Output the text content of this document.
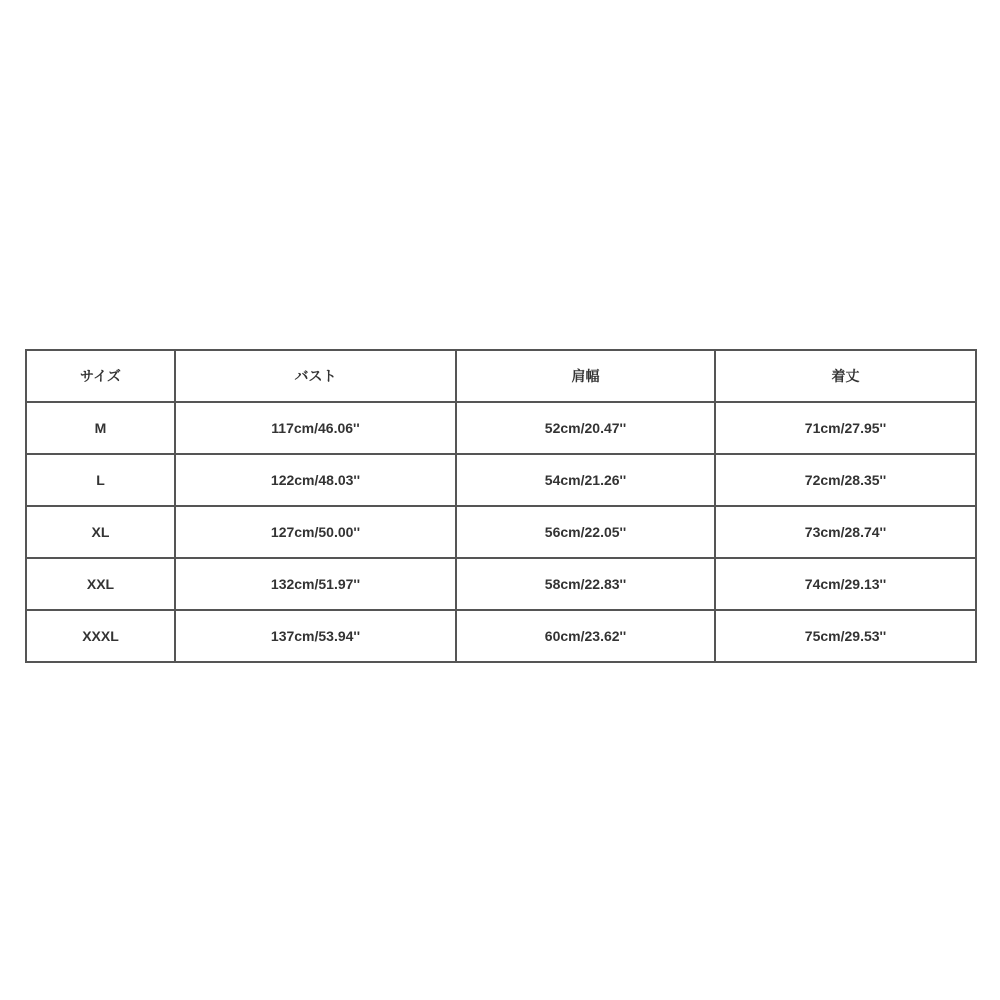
サイズ	バスト	肩幅	着丈
M	117cm/46.06''	52cm/20.47''	71cm/27.95''
L	122cm/48.03''	54cm/21.26''	72cm/28.35''
XL	127cm/50.00''	56cm/22.05''	73cm/28.74''
XXL	132cm/51.97''	58cm/22.83''	74cm/29.13''
XXXL	137cm/53.94''	60cm/23.62''	75cm/29.53''
